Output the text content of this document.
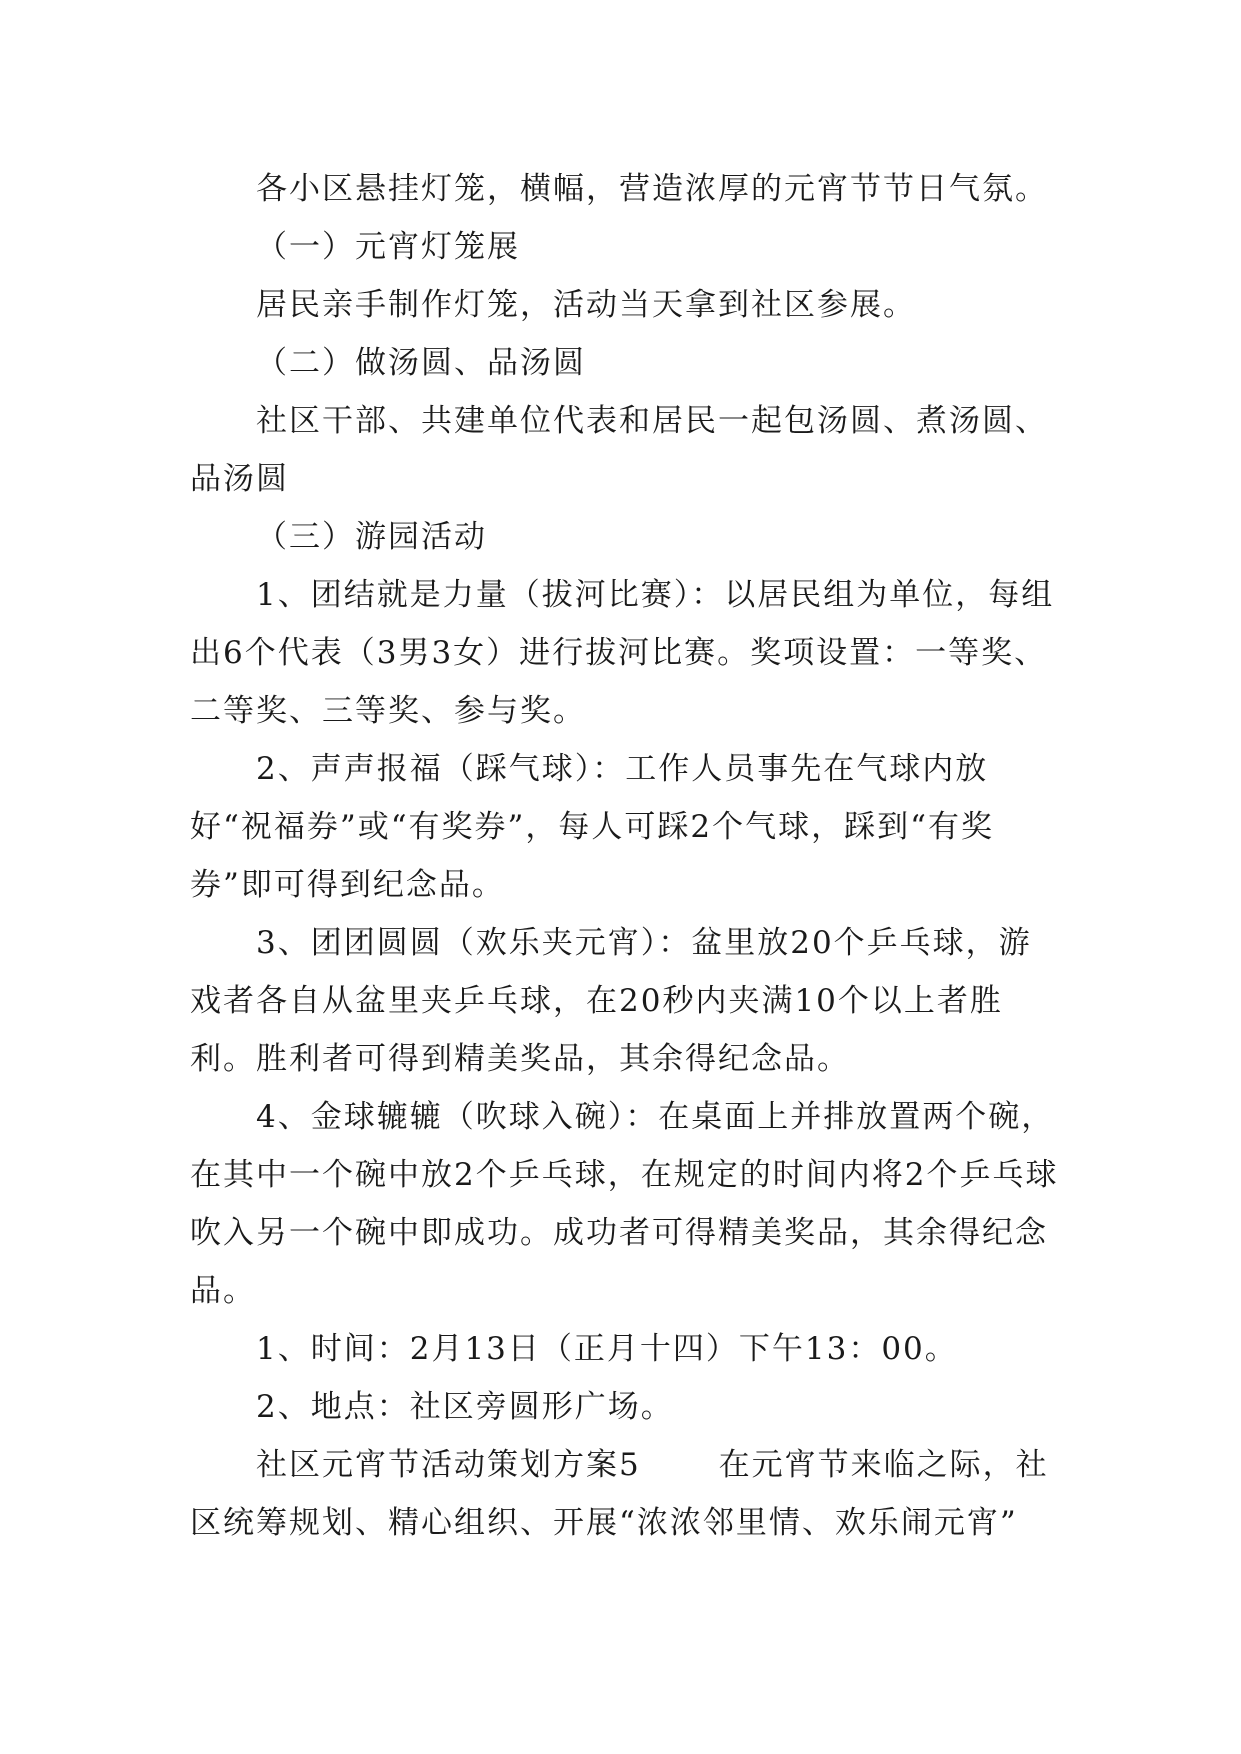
各小区悬挂灯笼，横幅，营造浓厚的元宵节节日气氛。

（一）元宵灯笼展

居民亲手制作灯笼，活动当天拿到社区参展。

（二）做汤圆、品汤圆

社区干部、共建单位代表和居民一起包汤圆、煮汤圆、品汤圆

（三）游园活动

1、团结就是力量（拔河比赛）：以居民组为单位，每组出6个代表（3男3女）进行拔河比赛。奖项设置：一等奖、二等奖、三等奖、参与奖。

2、声声报福（踩气球）：工作人员事先在气球内放好“祝福券”或“有奖券”，每人可踩2个气球，踩到“有奖券”即可得到纪念品。

3、团团圆圆（欢乐夹元宵）：盆里放20个乒乓球，游戏者各自从盆里夹乒乓球，在20秒内夹满10个以上者胜利。胜利者可得到精美奖品，其余得纪念品。

4、金球辘辘（吹球入碗）：在桌面上并排放置两个碗，在其中一个碗中放2个乒乓球，在规定的时间内将2个乒乓球吹入另一个碗中即成功。成功者可得精美奖品，其余得纪念品。

1、时间：2月13日（正月十四）下午13：00。

2、地点：社区旁圆形广场。

社区元宵节活动策划方案5 　　在元宵节来临之际，社区统筹规划、精心组织、开展“浓浓邻里情、欢乐闹元宵”
